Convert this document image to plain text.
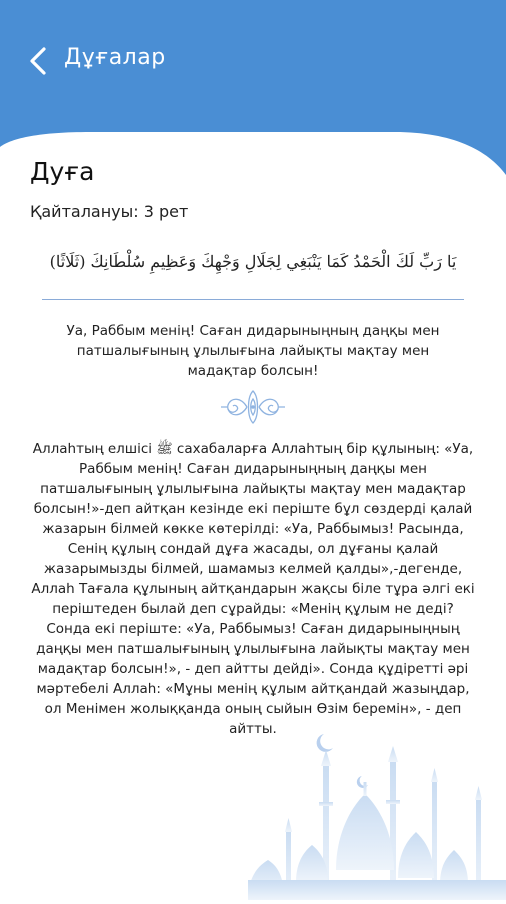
Дұғалар
Дуға
Қайталануы: 3 рет
يَا رَبِّ لَكَ الْحَمْدُ كَمَا يَنْبَغِي لِجَلَالِ وَجْهِكَ وَعَظِيمِ سُلْطَانِكَ (ثَلَاثًا)
Уа, Раббым менің! Саған дидарыныңның даңқы мен патшалығының ұлылығына лайықты мақтау мен мадақтар болсын!
Аллаһтың елшісі ﷺ сахабаларға Аллаһтың бір құлының: «Уа, Раббым менің! Саған дидарыныңның даңқы мен патшалығының ұлылығына лайықты мақтау мен мадақтар болсын!»-деп айтқан кезінде екі періште бұл сөздерді қалай жазарын білмей көкке көтерілді: «Уа, Раббымыз! Расында, Сенің құлың сондай дұға жасады, ол дұғаны қалай жазарымызды білмей, шамамыз келмей қалды»,-дегенде, Аллаһ Тағала құлының айтқандарын жақсы біле тұра әлгі екі періштеден былай деп сұрайды: «Менің құлым не деді? Сонда екі періште: «Уа, Раббымыз! Саған дидарыныңның даңқы мен патшалығының ұлылығына лайықты мақтау мен мадақтар болсын!», - деп айтты дейді». Сонда құдіретті әрі мәртебелі Аллаһ: «Мұны менің құлым айтқандай жазыңдар, ол Менімен жолыққанда оның сыйын Өзім беремін», - деп айтты.
